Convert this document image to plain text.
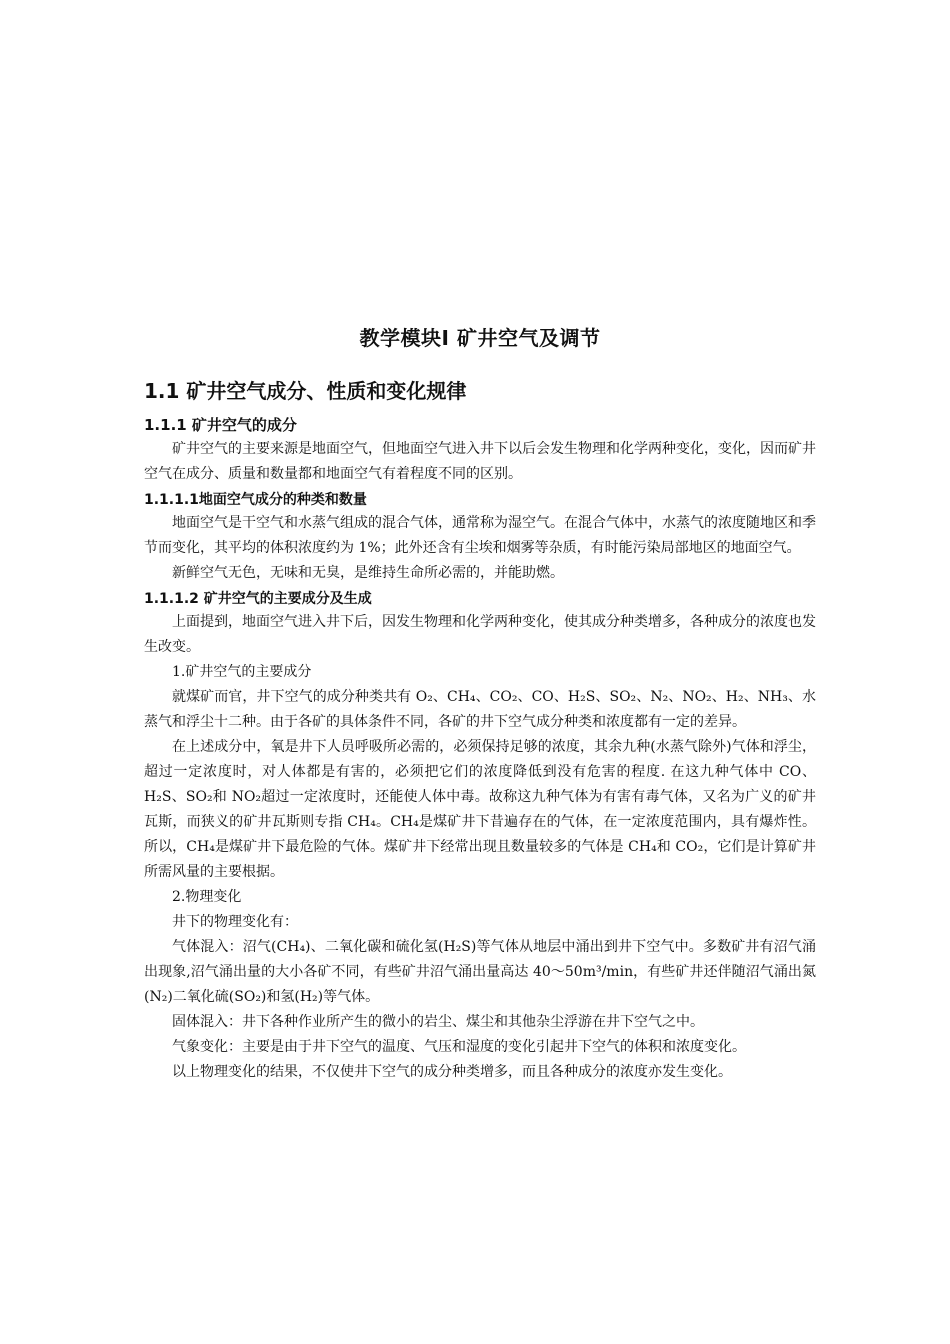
教学模块Ⅰ 矿井空气及调节
1.1 矿井空气成分、性质和变化规律
1.1.1 矿井空气的成分

矿井空气的主要来源是地面空气，但地面空气进入井下以后会发生物理和化学两种变化，变化，因而矿井空气在成分、质量和数量都和地面空气有着程度不同的区别。

1.1.1.1地面空气成分的种类和数量

地面空气是干空气和水蒸气组成的混合气体，通常称为湿空气。在混合气体中，水蒸气的浓度随地区和季节而变化，其平均的体积浓度约为 1%；此外还含有尘埃和烟雾等杂质，有时能污染局部地区的地面空气。

新鲜空气无色，无味和无臭，是维持生命所必需的，并能助燃。

1.1.1.2 矿井空气的主要成分及生成

上面提到，地面空气进入井下后，因发生物理和化学两种变化，使其成分种类增多，各种成分的浓度也发生改变。

1.矿井空气的主要成分

就煤矿而官，井下空气的成分种类共有 O₂、CH₄、CO₂、CO、H₂S、SO₂、N₂、NO₂、H₂、NH₃、水蒸气和浮尘十二种。由于各矿的具体条件不同，各矿的井下空气成分种类和浓度都有一定的差异。

在上述成分中，氧是井下人员呼吸所必需的，必须保持足够的浓度，其余九种(水蒸气除外)气体和浮尘，超过一定浓度时，对人体都是有害的，必须把它们的浓度降低到没有危害的程度. 在这九种气体中 CO、H₂S、SO₂和 NO₂超过一定浓度时，还能使人体中毒。故称这九种气体为有害有毒气体，又名为广义的矿井瓦斯，而狭义的矿井瓦斯则专指 CH₄。CH₄是煤矿井下昔遍存在的气体，在一定浓度范围内，具有爆炸性。所以，CH₄是煤矿井下最危险的气体。煤矿井下经常出现且数量较多的气体是 CH₄和 CO₂，它们是计算矿井所需风量的主要根据。

2.物理变化

井下的物理变化有：

气体混入：沼气(CH₄)、二氧化碳和硫化氢(H₂S)等气体从地层中涌出到井下空气中。多数矿井有沼气涌出现象,沼气涌出量的大小各矿不同，有些矿井沼气涌出量高达 40～50m³/min，有些矿井还伴随沼气涌出氮(N₂)二氧化硫(SO₂)和氢(H₂)等气体。

固体混入：井下各种作业所产生的微小的岩尘、煤尘和其他杂尘浮游在井下空气之中。

气象变化：主要是由于井下空气的温度、气压和湿度的变化引起井下空气的体积和浓度变化。

以上物理变化的结果，不仅使井下空气的成分种类增多，而且各种成分的浓度亦发生变化。
